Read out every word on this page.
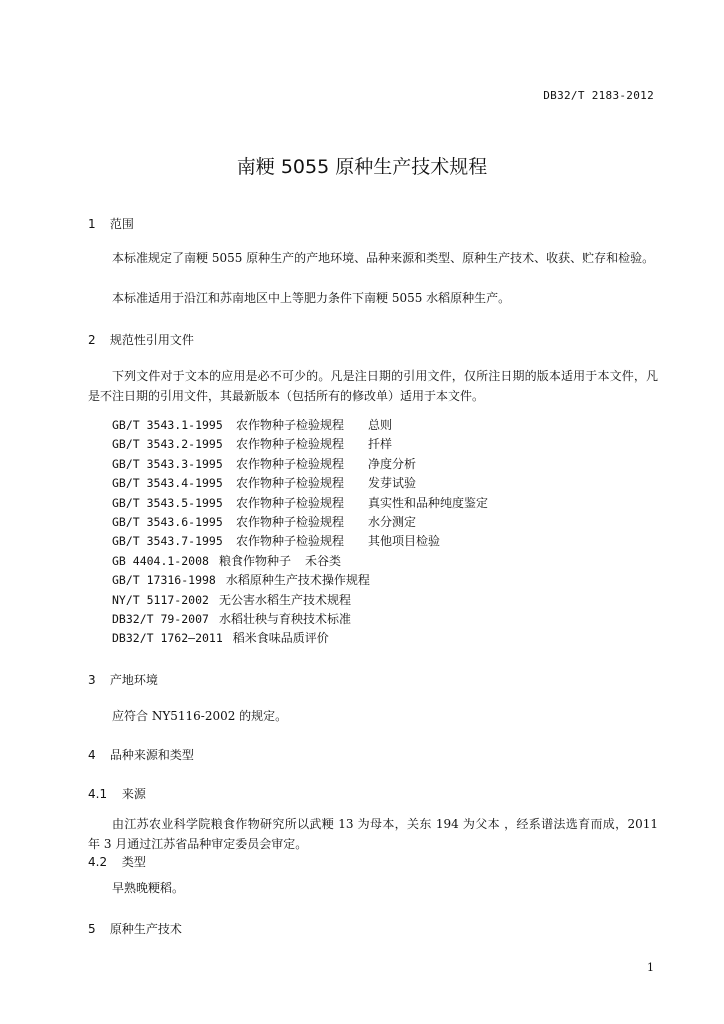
DB32/T 2183-2012
南粳 5055 原种生产技术规程
1 范围
本标准规定了南粳 5055 原种生产的产地环境、品种来源和类型、原种生产技术、收获、贮存和检验。
本标准适用于沿江和苏南地区中上等肥力条件下南粳 5055 水稻原种生产。
2 规范性引用文件
下列文件对于文本的应用是必不可少的。凡是注日期的引用文件，仅所注日期的版本适用于本文件，凡是不注日期的引用文件，其最新版本（包括所有的修改单）适用于本文件。
GB/T 3543.1-1995 农作物种子检验规程 总则
GB/T 3543.2-1995 农作物种子检验规程 扦样
GB/T 3543.3-1995 农作物种子检验规程 净度分析
GB/T 3543.4-1995 农作物种子检验规程 发芽试验
GB/T 3543.5-1995 农作物种子检验规程 真实性和品种纯度鉴定
GB/T 3543.6-1995 农作物种子检验规程 水分测定
GB/T 3543.7-1995 农作物种子检验规程 其他项目检验
GB 4404.1-2008 粮食作物种子 禾谷类
GB/T 17316-1998 水稻原种生产技术操作规程
NY/T 5117-2002 无公害水稻生产技术规程
DB32/T 79-2007 水稻壮秧与育秧技术标准
DB32/T 1762—2011 稻米食味品质评价
3 产地环境
应符合 NY5116-2002 的规定。
4 品种来源和类型
4.1 来源
由江苏农业科学院粮食作物研究所以武粳 13 为母本，关东 194 为父本 ，经系谱法选育而成，2011 年 3 月通过江苏省品种审定委员会审定。
4.2 类型
早熟晚粳稻。
5 原种生产技术
1
